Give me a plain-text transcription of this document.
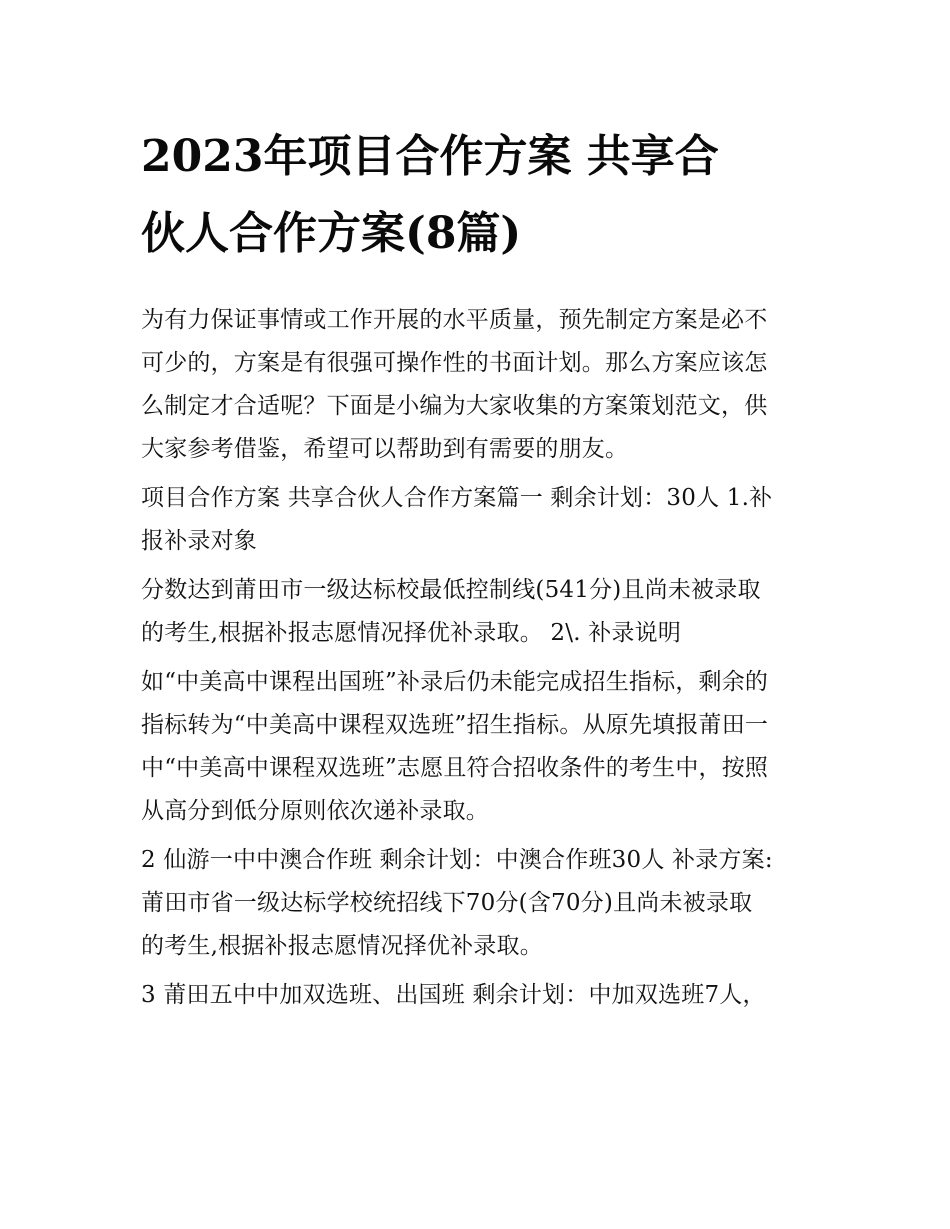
2023年项目合作方案 共享合
伙人合作方案(8篇)

为有力保证事情或工作开展的水平质量，预先制定方案是必不
可少的，方案是有很强可操作性的书面计划。那么方案应该怎
么制定才合适呢？下面是小编为大家收集的方案策划范文，供
大家参考借鉴，希望可以帮助到有需要的朋友。

项目合作方案 共享合伙人合作方案篇一 剩余计划：30人 1.补
报补录对象

分数达到莆田市一级达标校最低控制线(541分)且尚未被录取
的考生,根据补报志愿情况择优补录取。 2\. 补录说明

如“中美高中课程出国班”补录后仍未能完成招生指标，剩余的
指标转为“中美高中课程双选班”招生指标。从原先填报莆田一
中“中美高中课程双选班”志愿且符合招收条件的考生中，按照
从高分到低分原则依次递补录取。

2 仙游一中中澳合作班 剩余计划：中澳合作班30人 补录方案:
莆田市省一级达标学校统招线下70分(含70分)且尚未被录取
的考生,根据补报志愿情况择优补录取。

3 莆田五中中加双选班、出国班 剩余计划：中加双选班7人，
